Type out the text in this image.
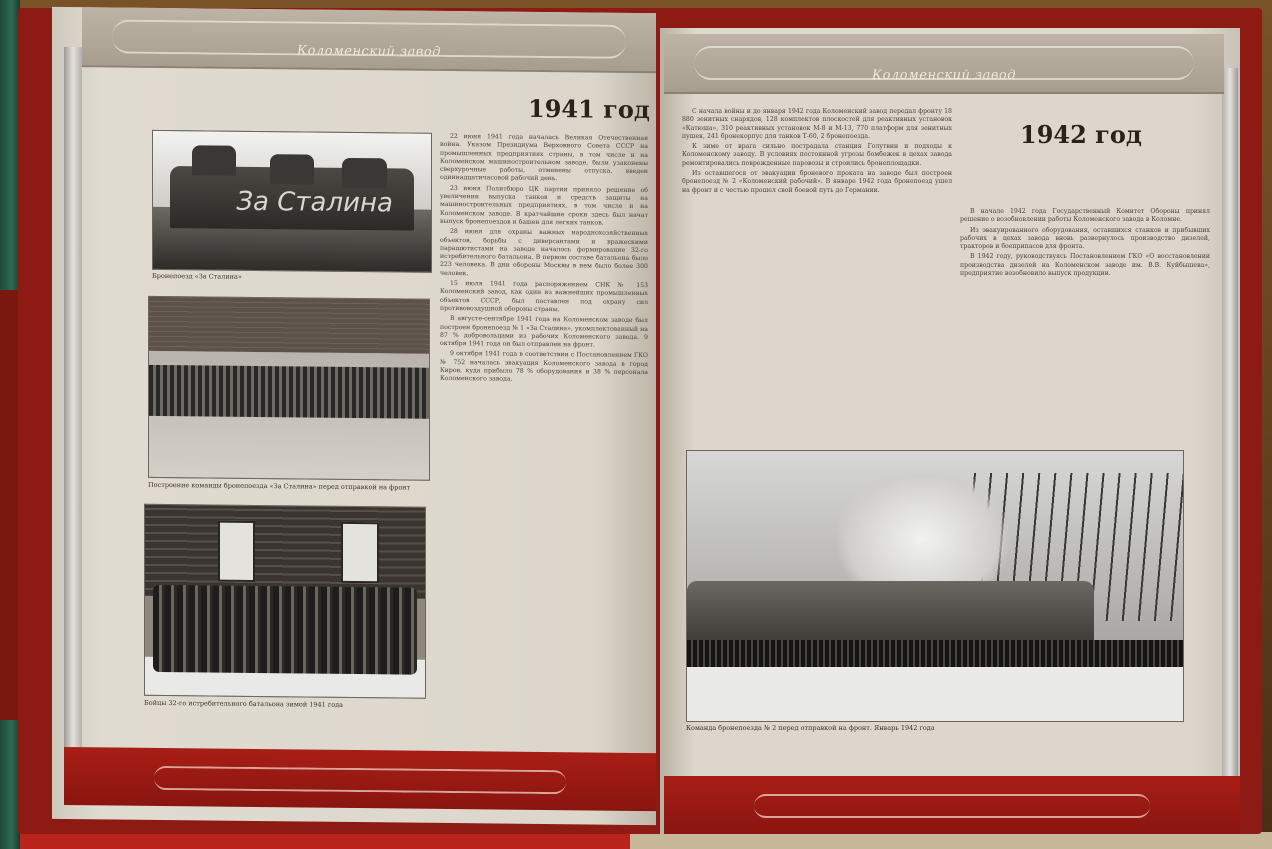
Коломенский завод
1941 год
За Сталина
Бронепоезд «За Сталина»
Построение команды бронепоезда «За Сталина» перед отправкой на фронт
Бойцы 32-го истребительного батальона зимой 1941 года

22 июня 1941 года началась Великая Отечественная война. Указом Президиума Верховного Совета СССР на промышленных предприятиях страны, в том числе и на Коломенском машиностроительном заводе, были узаконены сверхурочные работы, отменены отпуска, введен одиннадцатичасовой рабочий день.

23 июня Политбюро ЦК партии приняло решение об увеличении выпуска танков и средств защиты на машиностроительных предприятиях, в том числе и на Коломенском заводе. В кратчайшие сроки здесь был начат выпуск бронепоездов и башен для легких танков.

28 июня для охраны важных народнохозяйственных объектов, борьбы с диверсантами и вражескими парашютистами на заводе началось формирование 32-го истребительного батальона. В первом составе батальона было 223 человека. В дни обороны Москвы в нем было более 300 человек.

15 июля 1941 года распоряжением СНК № 153 Коломенский завод, как один из важнейших промышленных объектов СССР, был поставлен под охрану сил противовоздушной обороны страны.

В августе-сентябре 1941 года на Коломенском заводе был построен бронепоезд № 1 «За Сталина», укомплектованный на 87 % добровольцами из рабочих Коломенского завода. 9 октября 1941 года он был отправлен на фронт.

9 октября 1941 года в соответствии с Постановлением ГКО № 752 началась эвакуация Коломенского завода в город Киров, куда прибыло 78 % оборудования и 38 % персонала Коломенского завода.

Коломенский завод
1942 год

С начала войны и до января 1942 года Коломенский завод передал фронту 18 880 зенитных снарядов, 128 комплектов плоскостей для реактивных установок «Катюша», 310 реактивных установок М-8 и М-13, 770 платформ для зенитных пушек, 241 бронекорпус для танков Т-60, 2 бронепоезда.

К зиме от врага сильно пострадала станция Голутвин и подходы к Коломенскому заводу. В условиях постоянной угрозы бомбежек в цехах завода ремонтировались поврежденные паровозы и строились бронеплощадки.

Из оставшегося от эвакуации броневого проката на заводе был построен бронепоезд № 2 «Коломенский рабочий». В январе 1942 года бронепоезд ушел на фронт и с честью прошел свой боевой путь до Германии.

В начале 1942 года Государственный Комитет Обороны принял решение о возобновлении работы Коломенского завода в Коломне.

Из эвакуированного оборудования, оставшихся станков и прибывших рабочих в цехах завода вновь развернулось производство дизелей, тракторов и боеприпасов для фронта.

В 1942 году, руководствуясь Постановлением ГКО «О восстановлении производства дизелей на Коломенском заводе им. В.В. Куйбышева», предприятие возобновило выпуск продукции.

Команда бронепоезда № 2 перед отправкой на фронт. Январь 1942 года
